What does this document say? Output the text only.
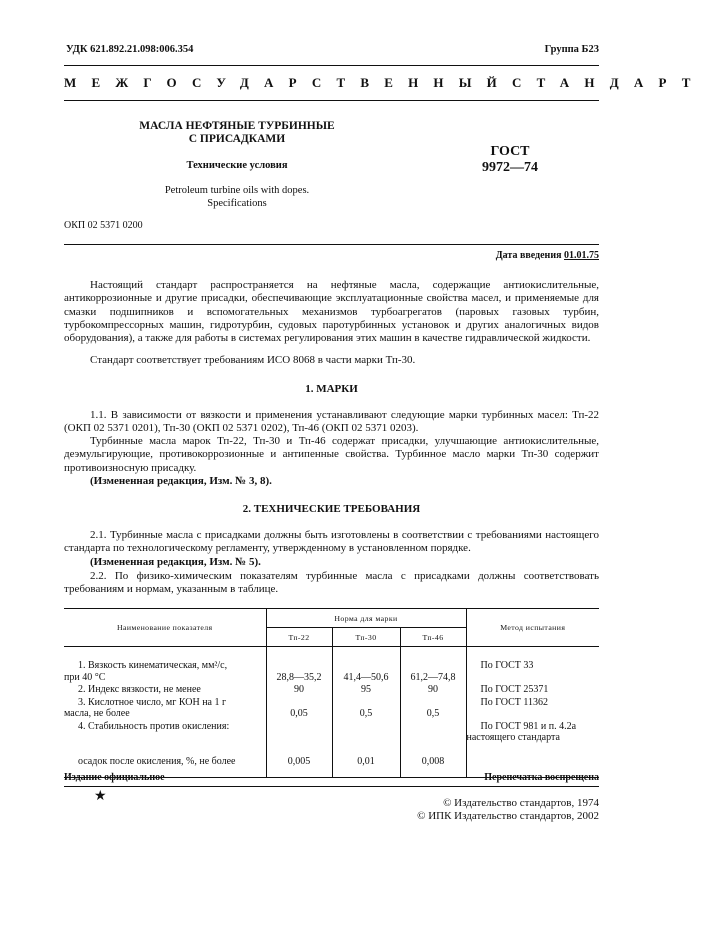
УДК 621.892.21.098:006.354	Группа Б23
МЕЖГОСУДАРСТВЕННЫЙ СТАНДАРТ
МАСЛА НЕФТЯНЫЕ ТУРБИННЫЕ
С ПРИСАДКАМИ
Технические условия
Petroleum turbine oils with dopes.
Specifications
ГОСТ
9972—74
ОКП 02 5371 0200
Дата введения 01.01.75
Настоящий стандарт распространяется на нефтяные масла, содержащие антиокислительные, антикоррозионные и другие присадки, обеспечивающие эксплуатационные свойства масел, и применяемые для смазки подшипников и вспомогательных механизмов турбоагрегатов (паровых газовых турбин, турбокомпрессорных машин, гидротурбин, судовых паротурбинных установок и других аналогичных видов оборудования), а также для работы в системах регулирования этих машин в качестве гидравлической жидкости.
Стандарт соответствует требованиям ИСО 8068 в части марки Тп-30.
1. МАРКИ
1.1. В зависимости от вязкости и применения устанавливают следующие марки турбинных масел: Тп-22 (ОКП 02 5371 0201), Тп-30 (ОКП 02 5371 0202), Тп-46 (ОКП 02 5371 0203).
Турбинные масла марок Тп-22, Тп-30 и Тп-46 содержат присадки, улучшающие антиокислительные, деэмульгирующие, противокоррозионные и антипенные свойства. Турбинное масло марки Тп-30 содержит противоизносную присадку.
(Измененная редакция, Изм. № 3, 8).
2. ТЕХНИЧЕСКИЕ ТРЕБОВАНИЯ
2.1. Турбинные масла с присадками должны быть изготовлены в соответствии с требованиями настоящего стандарта по технологическому регламенту, утвержденному в установленном порядке.
(Измененная редакция, Изм. № 5).
2.2. По физико-химическим показателям турбинные масла с присадками должны соответствовать требованиям и нормам, указанным в таблице.
Наименование показателя	Норма для марки			Метод испытания
	Тп-22	Тп-30	Тп-46	

1. Вязкость кинематическая, мм²/с,
при 40 °С	28,8—35,2	41,4—50,6	61,2—74,8	По ГОСТ 33

2. Индекс вязкости, не менее	90	95	90	По ГОСТ 25371

3. Кислотное число, мг КОН на 1 г
масла, не более	0,05	0,5	0,5	По ГОСТ 11362

4. Стабильность против окисления:				По ГОСТ 981 и п. 4.2а
настоящего стандарта

осадок после окисления, %, не более	0,005	0,01	0,008	

Издание официальное	Перепечатка воспрещена
★	© Издательство стандартов, 1974
© ИПК Издательство стандартов, 2002
